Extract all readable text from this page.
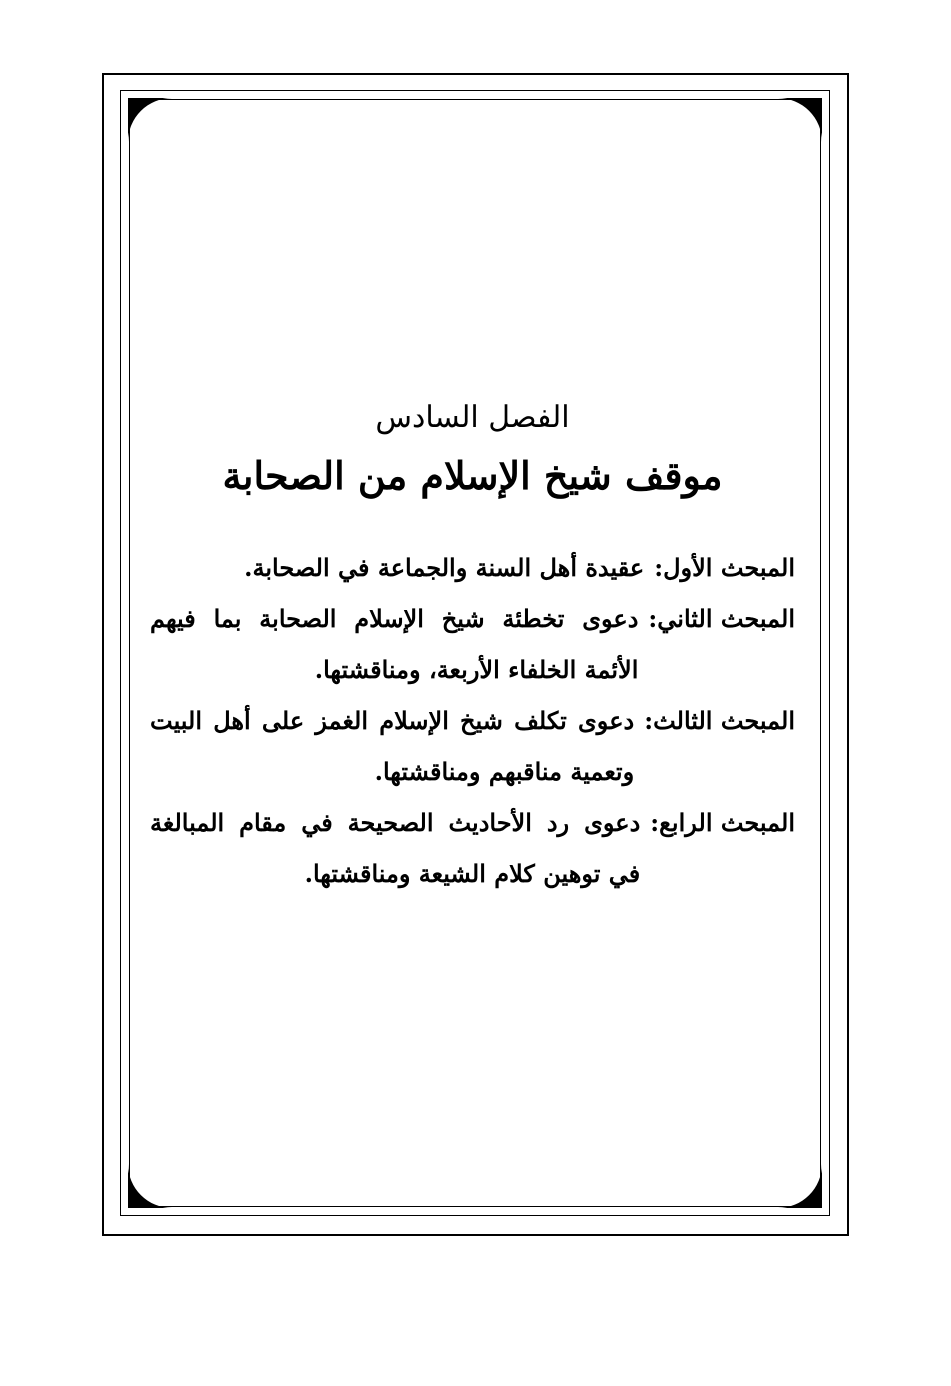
الفصل السادس
موقف شيخ الإسلام من الصحابة
المبحث الأول:
عقيدة أهل السنة والجماعة في الصحابة.
المبحث الثاني:
دعوى تخطئة شيخ الإسلام الصحابة بما فيهم الأئمة الخلفاء الأربعة، ومناقشتها.
المبحث الثالث:
دعوى تكلف شيخ الإسلام الغمز على أهل البيت وتعمية مناقبهم ومناقشتها.
المبحث الرابع:
دعوى رد الأحاديث الصحيحة في مقام المبالغة في توهين كلام الشيعة ومناقشتها.
